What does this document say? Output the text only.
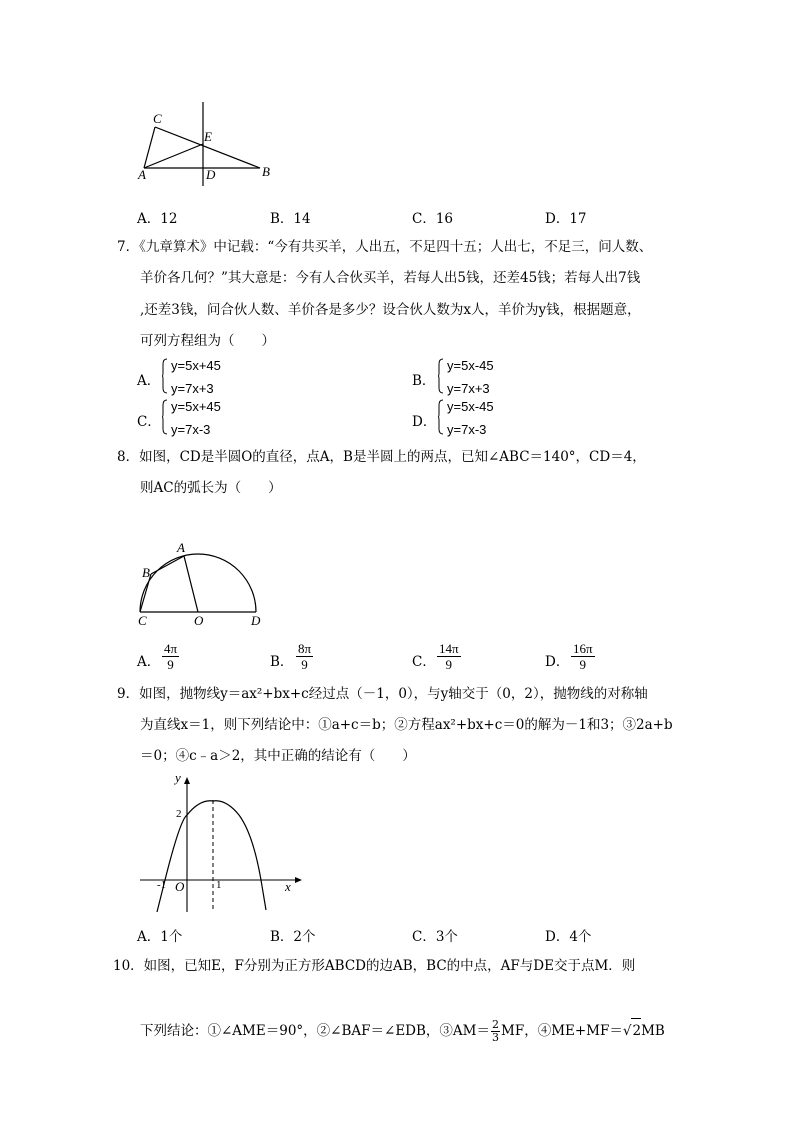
C
E
A	D	B
A．12	B．14	C．16	D．17
7．《九章算术》中记载：“今有共买羊，人出五，不足四十五；人出七，不足三，问人数、
羊价各几何？”其大意是：今有人合伙买羊，若每人出5钱，还差45钱；若每人出7钱
,还差3钱，问合伙人数、羊价各是多少？设合伙人数为x人，羊价为y钱，根据题意，
可列方程组为（　　）
A．
y=5x+45
y=7x+3	B．
y=5x-45
y=7x+3
C．
y=5x+45
y=7x-3	D．
y=5x-45
y=7x-3
8．如图，CD是半圆O的直径，点A，B是半圆上的两点，已知∠ABC＝140°，CD＝4，
则AC的弧长为（　　）
A
B
C	O	D
A． $\frac{4\pi}{9}$	B． $\frac{8\pi}{9}$	C． $\frac{14\pi}{9}$	D． $\frac{16\pi}{9}$
9．如图，抛物线y＝ax²+bx+c经过点（－1，0），与y轴交于（0，2），抛物线的对称轴
为直线x＝1，则下列结论中：①a+c＝b；②方程ax²+bx+c＝0的解为－1和3；③2a+b
＝0；④c﹣a＞2，其中正确的结论有（　　）
y
2
-1 O	1	x
A．1个	B．2个	C．3个	D．4个
10．如图，已知E，F分别为正方形ABCD的边AB，BC的中点，AF与DE交于点M．则
下列结论：①∠AME＝90°，②∠BAF＝∠EDB，③AM＝ $\frac{2}{3}$ MF，④ME+MF＝√2MB
